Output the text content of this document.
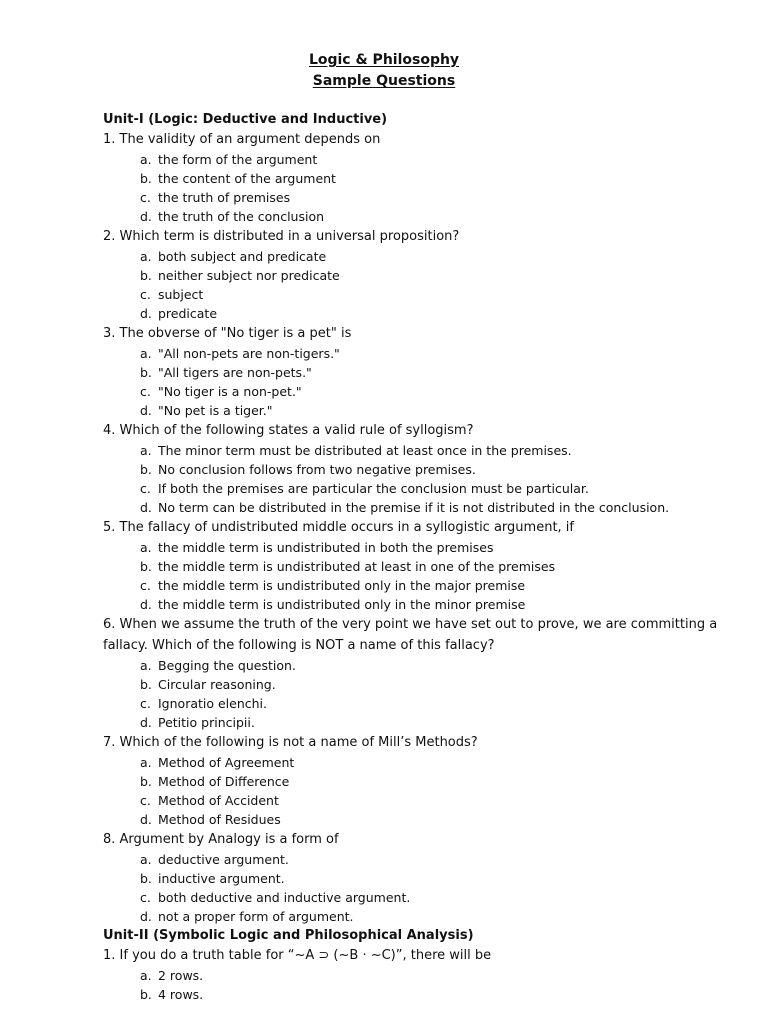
Logic & Philosophy
Sample Questions
Unit-I (Logic: Deductive and Inductive)
1. The validity of an argument depends on
a. the form of the argument
b. the content of the argument
c. the truth of premises
d. the truth of the conclusion
2. Which term is distributed in a universal proposition?
a. both subject and predicate
b. neither subject nor predicate
c. subject
d. predicate
3. The obverse of "No tiger is a pet" is
a. "All non-pets are non-tigers."
b. "All tigers are non-pets."
c. "No tiger is a non-pet."
d. "No pet is a tiger."
4. Which of the following states a valid rule of syllogism?
a. The minor term must be distributed at least once in the premises.
b. No conclusion follows from two negative premises.
c. If both the premises are particular the conclusion must be particular.
d. No term can be distributed in the premise if it is not distributed in the conclusion.
5. The fallacy of undistributed middle occurs in a syllogistic argument, if
a. the middle term is undistributed in both the premises
b. the middle term is undistributed at least in one of the premises
c. the middle term is undistributed only in the major premise
d. the middle term is undistributed only in the minor premise
6. When we assume the truth of the very point we have set out to prove, we are committing a fallacy. Which of the following is NOT a name of this fallacy?
a. Begging the question.
b. Circular reasoning.
c. Ignoratio elenchi.
d. Petitio principii.
7. Which of the following is not a name of Mill’s Methods?
a. Method of Agreement
b. Method of Difference
c. Method of Accident
d. Method of Residues
8. Argument by Analogy is a form of
a. deductive argument.
b. inductive argument.
c. both deductive and inductive argument.
d. not a proper form of argument.
Unit-II (Symbolic Logic and Philosophical Analysis)
1. If you do a truth table for “~A ⊃ (~B · ~C)”, there will be
a. 2 rows.
b. 4 rows.
